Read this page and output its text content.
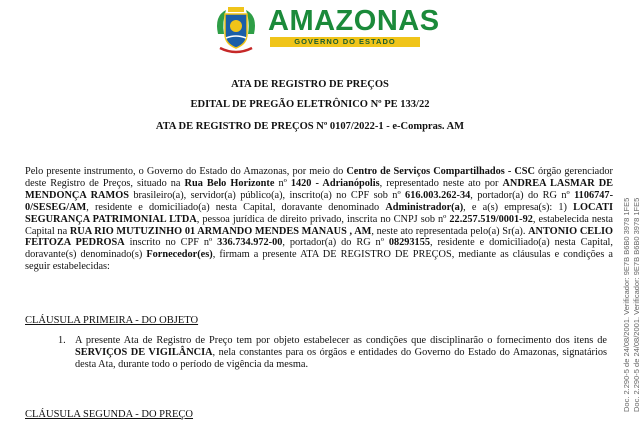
AMAZONAS
GOVERNO DO ESTADO
ATA DE REGISTRO DE PREÇOS
EDITAL DE PREGÃO ELETRÔNICO Nº PE 133/22
ATA DE REGISTRO DE PREÇOS Nº 0107/2022-1 - e-Compras. AM
Pelo presente instrumento, o Governo do Estado do Amazonas, por meio do Centro de Serviços Compartilhados - CSC órgão gerenciador deste Registro de Preços, situado na Rua Belo Horizonte nº 1420 - Adrianópolis, representado neste ato por ANDREA LASMAR DE MENDONÇA RAMOS brasileiro(a), servidor(a) público(a), inscrito(a) no CPF sob nº 616.003.262-34, portador(a) do RG nº 1106747-0/SESEG/AM, residente e domiciliado(a) nesta Capital, doravante denominado Administrador(a), e a(s) empresa(s): 1) LOCATI SEGURANÇA PATRIMONIAL LTDA, pessoa jurídica de direito privado, inscrita no CNPJ sob nº 22.257.519/0001-92, estabelecida nesta Capital na RUA RIO MUTUZINHO 01 ARMANDO MENDES MANAUS , AM, neste ato representada pelo(a) Sr(a). ANTONIO CELIO FEITOZA PEDROSA inscrito no CPF nº 336.734.972-00, portador(a) do RG nº 08293155, residente e domiciliado(a) nesta Capital, doravante(s) denominado(s) Fornecedor(es), firmam a presente ATA DE REGISTRO DE PREÇOS, mediante as cláusulas e condições a seguir estabelecidas:
CLÁUSULA PRIMEIRA - DO OBJETO
1. A presente Ata de Registro de Preço tem por objeto estabelecer as condições que disciplinarão o fornecimento dos itens de SERVIÇOS DE VIGILÂNCIA, nela constantes para os órgãos e entidades do Governo do Estado do Amazonas, signatários desta Ata, durante todo o período de vigência da mesma.
CLÁUSULA SEGUNDA - DO PREÇO
Doc. 2.290-5 de 24/08/2001. Verificador: 9E7B B6B0 3978 1FE5 Doc. 2.290-5 de 24/08/2001. Verificador: 9E7B B6B0 3978 1FE5
